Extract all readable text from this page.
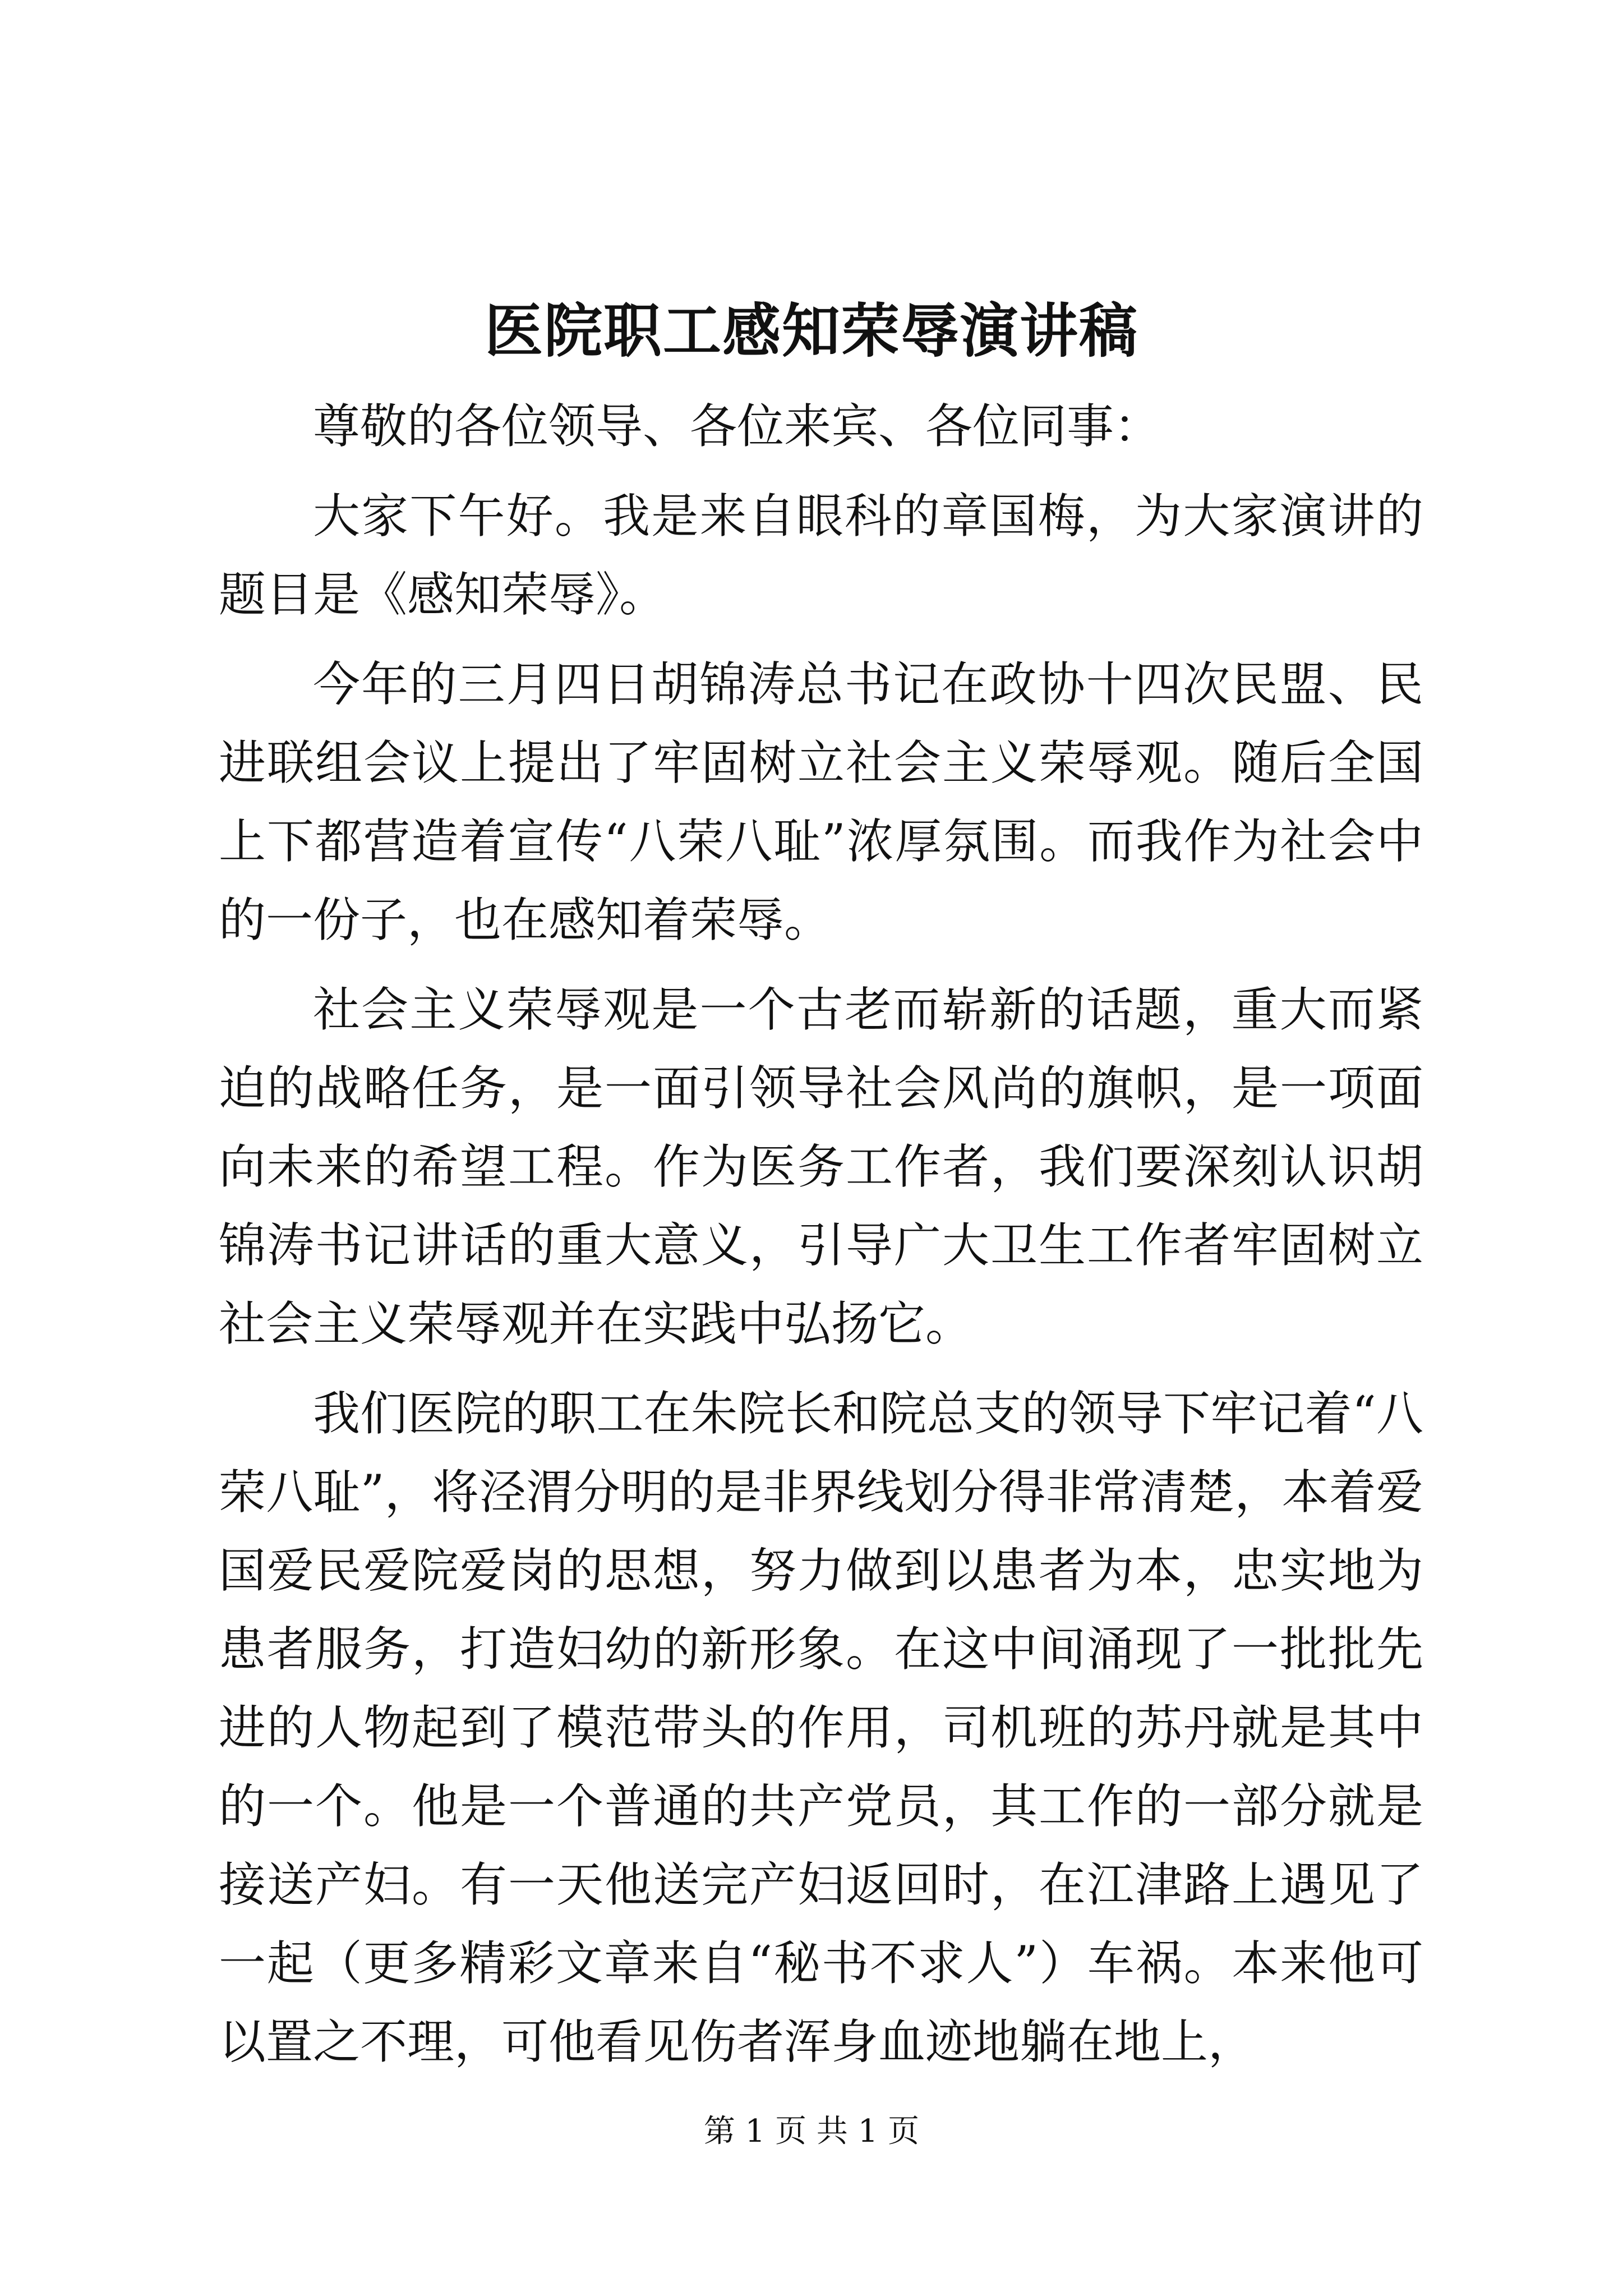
医院职工感知荣辱演讲稿

尊敬的各位领导、各位来宾、各位同事：

大家下午好。我是来自眼科的章国梅，为大家演讲的题目是《感知荣辱》。

今年的三月四日胡锦涛总书记在政协十四次民盟、民进联组会议上提出了牢固树立社会主义荣辱观。随后全国上下都营造着宣传“八荣八耻”浓厚氛围。而我作为社会中的一份子，也在感知着荣辱。

社会主义荣辱观是一个古老而崭新的话题，重大而紧迫的战略任务，是一面引领导社会风尚的旗帜，是一项面向未来的希望工程。作为医务工作者，我们要深刻认识胡锦涛书记讲话的重大意义，引导广大卫生工作者牢固树立社会主义荣辱观并在实践中弘扬它。

我们医院的职工在朱院长和院总支的领导下牢记着“八荣八耻”，将泾渭分明的是非界线划分得非常清楚，本着爱国爱民爱院爱岗的思想，努力做到以患者为本，忠实地为患者服务，打造妇幼的新形象。在这中间涌现了一批批先进的人物起到了模范带头的作用，司机班的苏丹就是其中的一个。他是一个普通的共产党员，其工作的一部分就是接送产妇。有一天他送完产妇返回时，在江津路上遇见了一起（更多精彩文章来自“秘书不求人”）车祸。本来他可以置之不理，可他看见伤者浑身血迹地躺在地上，

第 1 页 共 1 页
